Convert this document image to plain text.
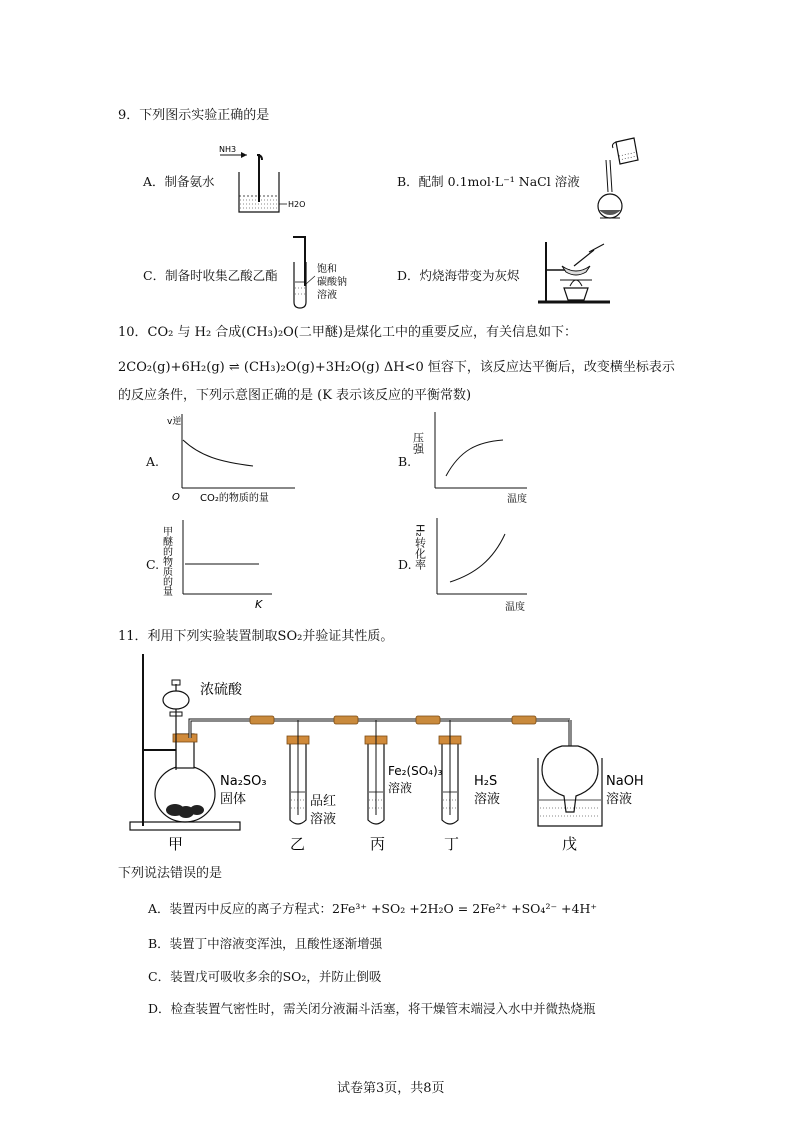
9．下列图示实验正确的是
A．制备氨水
NH3
H2O
B．配制 0.1mol·L⁻¹ NaCl 溶液
C．制备时收集乙酸乙酯	饱和
碳酸钠
溶液
D．灼烧海带变为灰烬
10．CO₂ 与 H₂ 合成(CH₃)₂O(二甲醚)是煤化工中的重要反应，有关信息如下：
2CO₂(g)+6H₂(g) ⇌ (CH₃)₂O(g)+3H₂O(g) ΔH<0 恒容下，该反应达平衡后，改变横坐标表示
的反应条件，下列示意图正确的是 (K 表示该反应的平衡常数)
A.
v逆
O CO₂的物质的量
B.
压强
温度
C. 甲醚的物质的量
K
D. H₂转化率
温度
11．利用下列实验装置制取SO₂并验证其性质。
浓硫酸
Na₂SO₃
固体	品红
溶液
Fe₂(SO₄)₃
溶液	H₂S
溶液
NaOH
溶液
甲	乙	丙	丁	戊
下列说法错误的是
A．装置丙中反应的离子方程式：2Fe³⁺ +SO₂ +2H₂O = 2Fe²⁺ +SO₄²⁻ +4H⁺
B．装置丁中溶液变浑浊，且酸性逐渐增强
C．装置戊可吸收多余的SO₂，并防止倒吸
D．检查装置气密性时，需关闭分液漏斗活塞，将干燥管末端浸入水中并微热烧瓶
试卷第3页，共8页
